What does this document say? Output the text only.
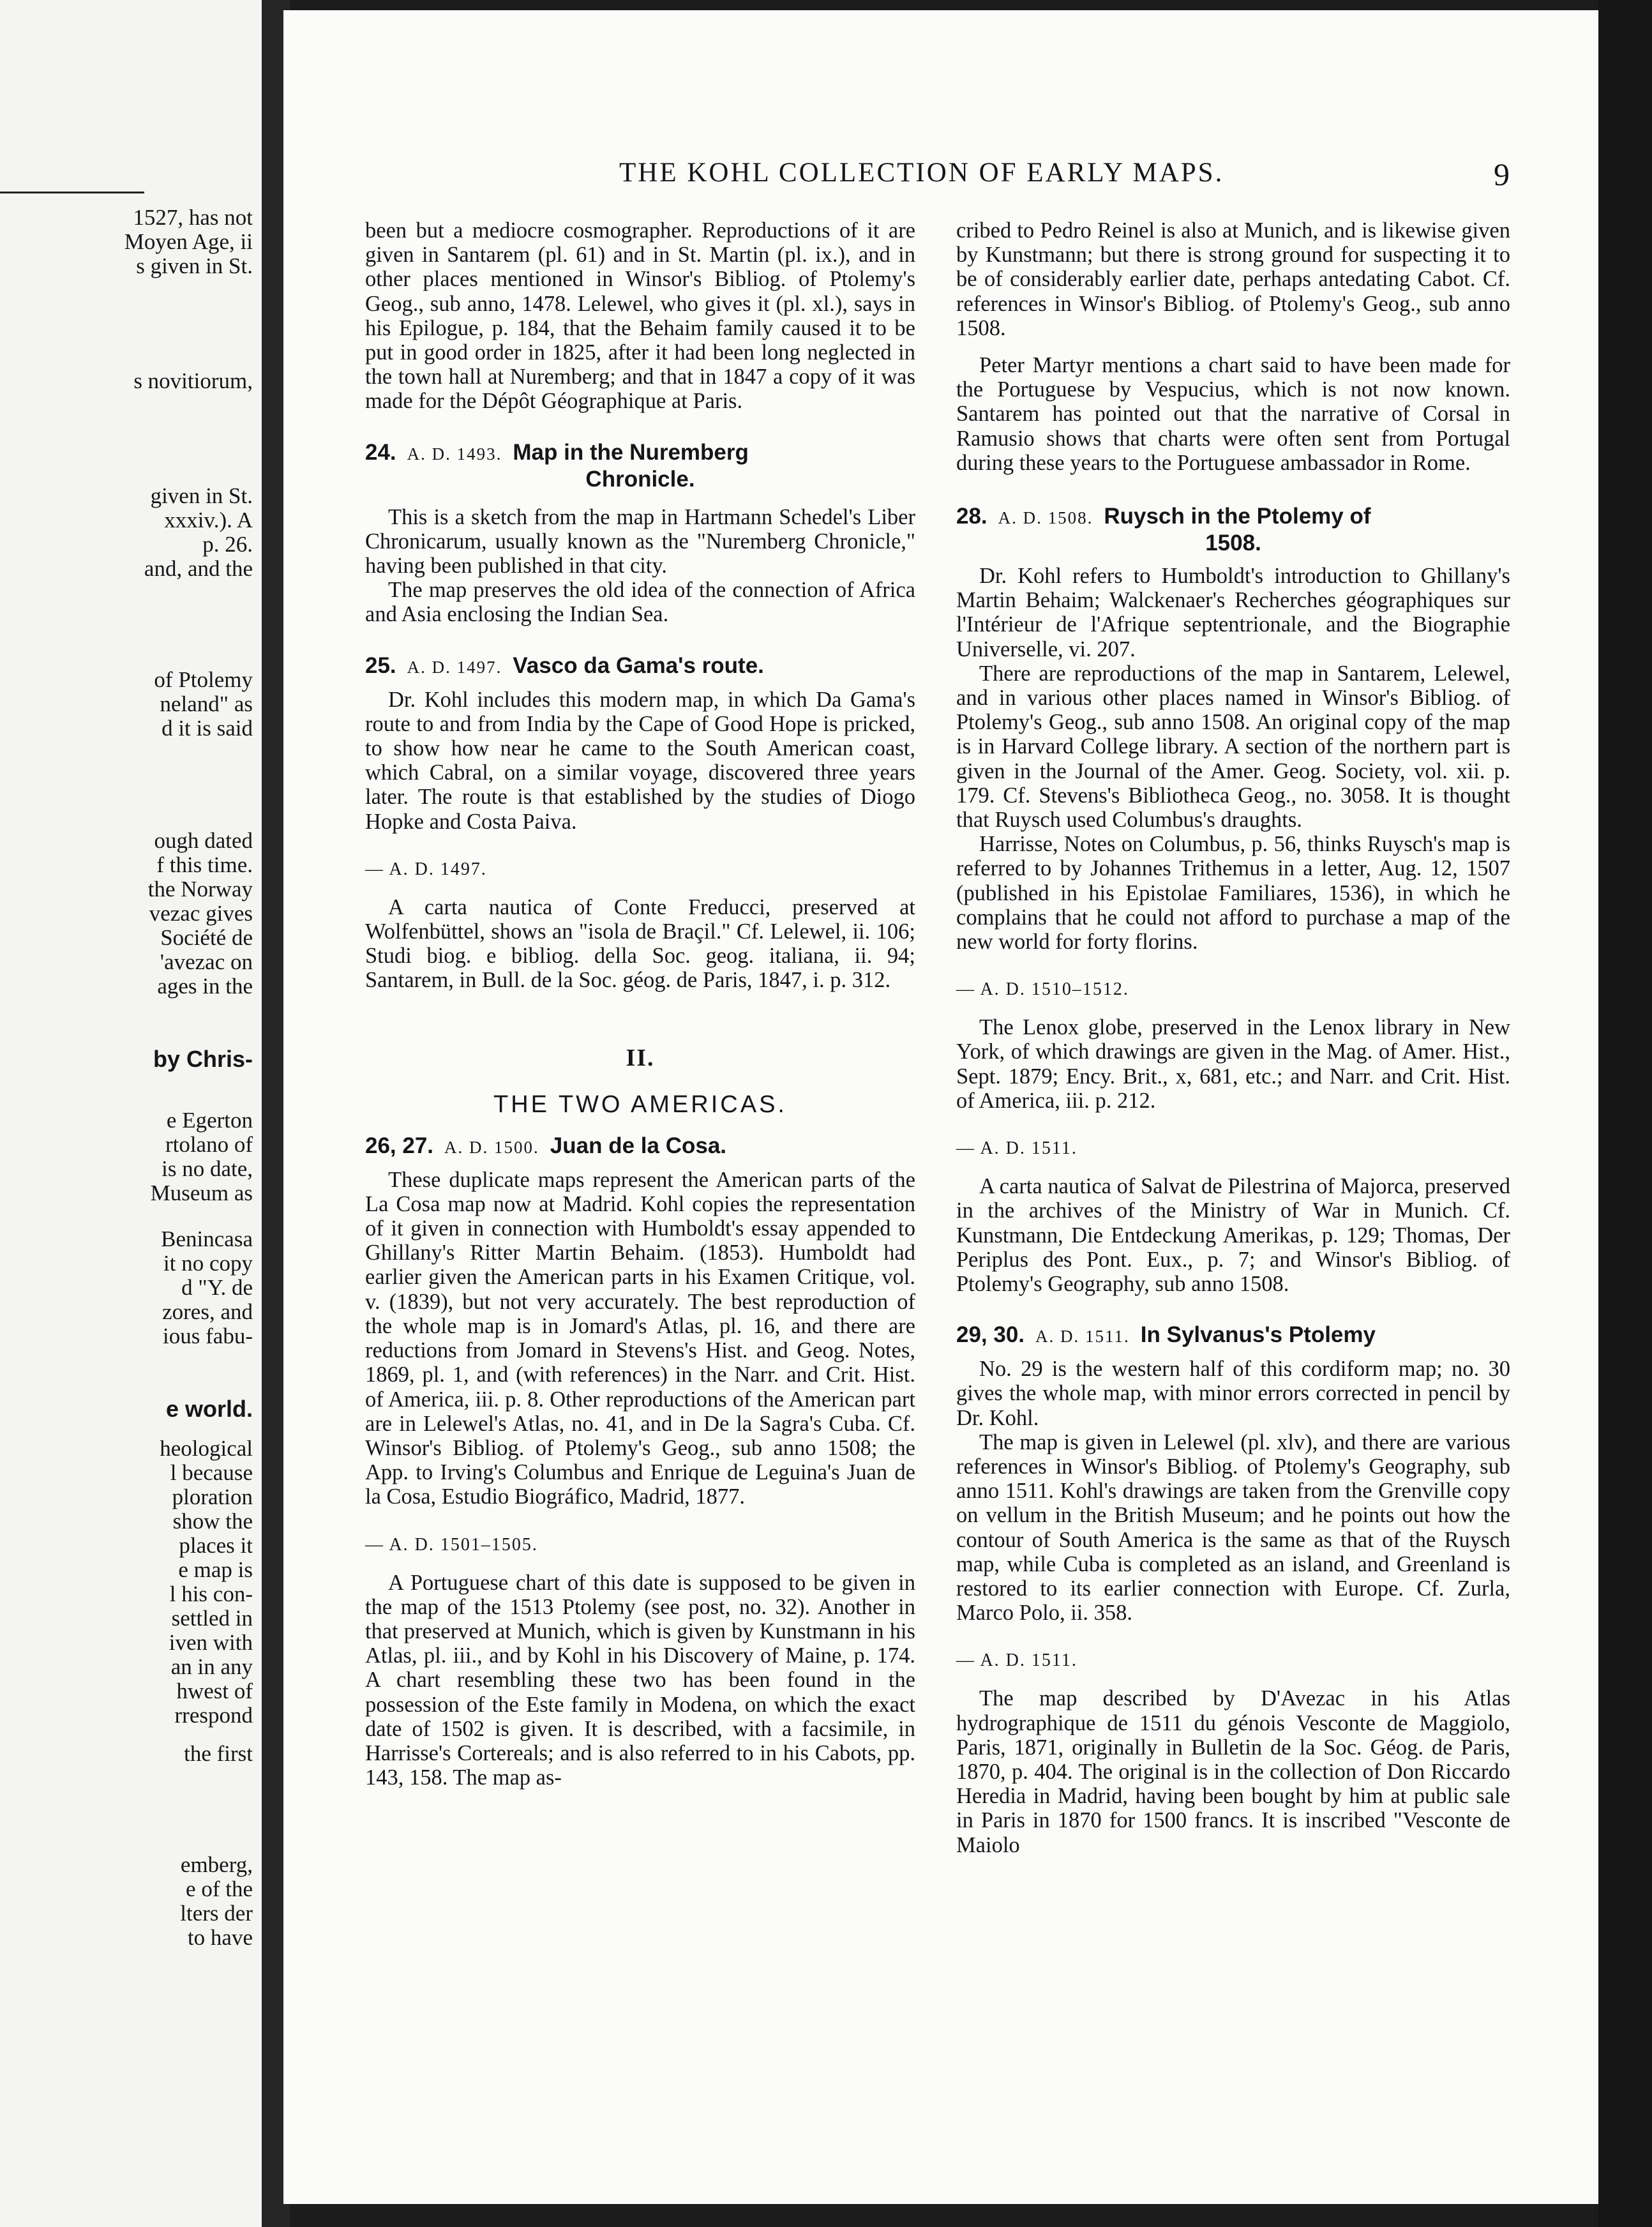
1527, has not
Moyen Age, ii
s given in St.
s novitiorum,
given in St.
xxxiv.). A
p. 26.
and, and the
of Ptolemy
neland" as
d it is said
ough dated
f this time.
the Norway
vezac gives
Société de
'avezac on
ages in the
by Chris-
e Egerton
rtolano of
is no date,
Museum as
Benincasa
it no copy
d "Y. de
zores, and
ious fabu-
e world.
heological
l because
ploration
show the
places it
e map is
l his con-
settled in
iven with
an in any
hwest of
rrespond
the first
emberg,
e of the
lters der
to have
THE KOHL COLLECTION OF EARLY MAPS.	9

been but a mediocre cosmographer. Reproductions of it are given in Santarem (pl. 61) and in St. Martin (pl. ix.), and in other places mentioned in Winsor's Bibliog. of Ptolemy's Geog., sub anno, 1478. Lelewel, who gives it (pl. xl.), says in his Epilogue, p. 184, that the Behaim family caused it to be put in good order in 1825, after it had been long neglected in the town hall at Nuremberg; and that in 1847 a copy of it was made for the Dépôt Géographique at Paris.

24. A. D. 1493. Map in the Nuremberg
Chronicle.

This is a sketch from the map in Hartmann Schedel's Liber Chronicarum, usually known as the "Nuremberg Chronicle," having been published in that city.

The map preserves the old idea of the connection of Africa and Asia enclosing the Indian Sea.

25. A. D. 1497. Vasco da Gama's route.

Dr. Kohl includes this modern map, in which Da Gama's route to and from India by the Cape of Good Hope is pricked, to show how near he came to the South American coast, which Cabral, on a similar voyage, discovered three years later. The route is that established by the studies of Diogo Hopke and Costa Paiva.

— A. D. 1497.

A carta nautica of Conte Freducci, preserved at Wolfenbüttel, shows an "isola de Braçil." Cf. Lelewel, ii. 106; Studi biog. e bibliog. della Soc. geog. italiana, ii. 94; Santarem, in Bull. de la Soc. géog. de Paris, 1847, i. p. 312.

II.

THE TWO AMERICAS.

26, 27. A. D. 1500. Juan de la Cosa.

These duplicate maps represent the American parts of the La Cosa map now at Madrid. Kohl copies the representation of it given in connection with Humboldt's essay appended to Ghillany's Ritter Martin Behaim. (1853). Humboldt had earlier given the American parts in his Examen Critique, vol. v. (1839), but not very accurately. The best reproduction of the whole map is in Jomard's Atlas, pl. 16, and there are reductions from Jomard in Stevens's Hist. and Geog. Notes, 1869, pl. 1, and (with references) in the Narr. and Crit. Hist. of America, iii. p. 8. Other reproductions of the American part are in Lelewel's Atlas, no. 41, and in De la Sagra's Cuba. Cf. Winsor's Bibliog. of Ptolemy's Geog., sub anno 1508; the App. to Irving's Columbus and Enrique de Leguina's Juan de la Cosa, Estudio Biográfico, Madrid, 1877.

— A. D. 1501–1505.

A Portuguese chart of this date is supposed to be given in the map of the 1513 Ptolemy (see post, no. 32). Another in that preserved at Munich, which is given by Kunstmann in his Atlas, pl. iii., and by Kohl in his Discovery of Maine, p. 174. A chart resembling these two has been found in the possession of the Este family in Modena, on which the exact date of 1502 is given. It is described, with a facsimile, in Harrisse's Cortereals; and is also referred to in his Cabots, pp. 143, 158. The map as-

cribed to Pedro Reinel is also at Munich, and is likewise given by Kunstmann; but there is strong ground for suspecting it to be of considerably earlier date, perhaps antedating Cabot. Cf. references in Winsor's Bibliog. of Ptolemy's Geog., sub anno 1508.

Peter Martyr mentions a chart said to have been made for the Portuguese by Vespucius, which is not now known. Santarem has pointed out that the narrative of Corsal in Ramusio shows that charts were often sent from Portugal during these years to the Portuguese ambassador in Rome.

28. A. D. 1508. Ruysch in the Ptolemy of
1508.

Dr. Kohl refers to Humboldt's introduction to Ghillany's Martin Behaim; Walckenaer's Recherches géographiques sur l'Intérieur de l'Afrique septentrionale, and the Biographie Universelle, vi. 207.

There are reproductions of the map in Santarem, Lelewel, and in various other places named in Winsor's Bibliog. of Ptolemy's Geog., sub anno 1508. An original copy of the map is in Harvard College library. A section of the northern part is given in the Journal of the Amer. Geog. Society, vol. xii. p. 179. Cf. Stevens's Bibliotheca Geog., no. 3058. It is thought that Ruysch used Columbus's draughts.

Harrisse, Notes on Columbus, p. 56, thinks Ruysch's map is referred to by Johannes Trithemus in a letter, Aug. 12, 1507 (published in his Epistolae Familiares, 1536), in which he complains that he could not afford to purchase a map of the new world for forty florins.

— A. D. 1510–1512.

The Lenox globe, preserved in the Lenox library in New York, of which drawings are given in the Mag. of Amer. Hist., Sept. 1879; Ency. Brit., x, 681, etc.; and Narr. and Crit. Hist. of America, iii. p. 212.

— A. D. 1511.

A carta nautica of Salvat de Pilestrina of Majorca, preserved in the archives of the Ministry of War in Munich. Cf. Kunstmann, Die Entdeckung Amerikas, p. 129; Thomas, Der Periplus des Pont. Eux., p. 7; and Winsor's Bibliog. of Ptolemy's Geography, sub anno 1508.

29, 30. A. D. 1511. In Sylvanus's Ptolemy

No. 29 is the western half of this cordiform map; no. 30 gives the whole map, with minor errors corrected in pencil by Dr. Kohl.

The map is given in Lelewel (pl. xlv), and there are various references in Winsor's Bibliog. of Ptolemy's Geography, sub anno 1511. Kohl's drawings are taken from the Grenville copy on vellum in the British Museum; and he points out how the contour of South America is the same as that of the Ruysch map, while Cuba is completed as an island, and Greenland is restored to its earlier connection with Europe. Cf. Zurla, Marco Polo, ii. 358.

— A. D. 1511.

The map described by D'Avezac in his Atlas hydrographique de 1511 du génois Vesconte de Maggiolo, Paris, 1871, originally in Bulletin de la Soc. Géog. de Paris, 1870, p. 404. The original is in the collection of Don Riccardo Heredia in Madrid, having been bought by him at public sale in Paris in 1870 for 1500 francs. It is inscribed "Vesconte de Maiolo
